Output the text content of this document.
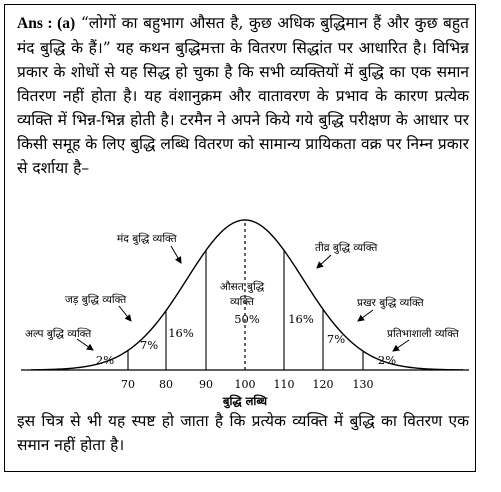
Ans : (a) “लोगों का बहुभाग औसत है, कुछ अधिक बुद्धिमान हैं और कुछ बहुत मंद बुद्धि के हैं।” यह कथन बुद्धिमत्ता के वितरण सिद्धांत पर आधारित है। विभिन्न प्रकार के शोधों से यह सिद्ध हो चुका है कि सभी व्यक्तियों में बुद्धि का एक समान वितरण नहीं होता है। यह वंशानुक्रम और वातावरण के प्रभाव के कारण प्रत्येक व्यक्ति में भिन्न-भिन्न होती है। टरमैन ने अपने किये गये बुद्धि परीक्षण के आधार पर किसी समूह के लिए बुद्धि लब्धि वितरण को सामान्य प्रायिकता वक्र पर निम्न प्रकार से दर्शाया है–

70 80 90 100 110 120 130
बुद्धि लब्धि
2%
7%
16%
50% 16%
7%
2%
अल्प बुद्धि व्यक्ति
जड़ बुद्धि व्यक्ति
मंद बुद्धि व्यक्ति
औसत बुद्धि
व्यक्ति
तीव्र बुद्धि व्यक्ति
प्रखर बुद्धि व्यक्ति
प्रतिभाशाली व्यक्ति

इस चित्र से भी यह स्पष्ट हो जाता है कि प्रत्येक व्यक्ति में बुद्धि का वितरण एक समान नहीं होता है।
